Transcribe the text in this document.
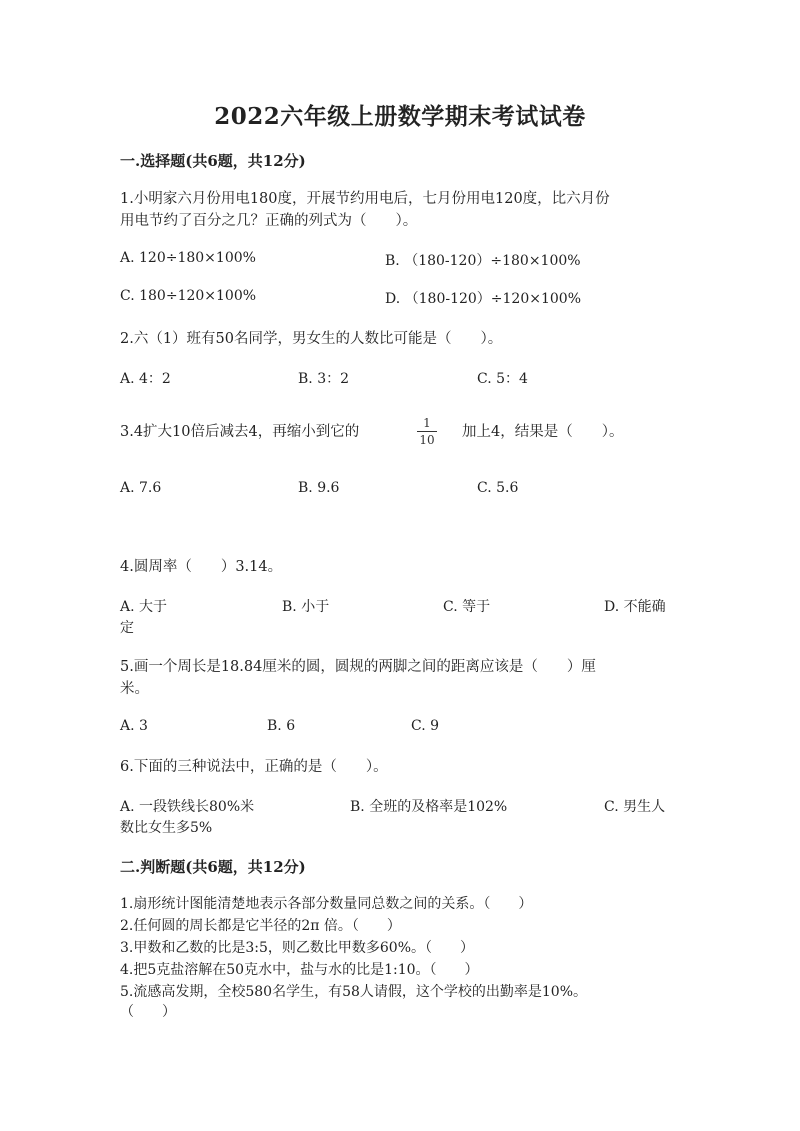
2022六年级上册数学期末考试试卷
一.选择题(共6题，共12分)
1.小明家六月份用电180度，开展节约用电后，七月份用电120度，比六月份
用电节约了百分之几？正确的列式为（　　）。
A. 120÷180×100%	B. （180-120）÷180×100%
C. 180÷120×100%	D. （180-120）÷120×100%
2.六（1）班有50名同学，男女生的人数比可能是（　　）。
A. 4：2	B. 3：2	C. 5：4
3.4扩大10倍后减去4，再缩小到它的
1
10 加上4，结果是（　　）。
A. 7.6	B. 9.6	C. 5.6
4.圆周率（　　）3.14。
A. 大于	B. 小于	C. 等于	D. 不能确
定
5.画一个周长是18.84厘米的圆，圆规的两脚之间的距离应该是（　　）厘
米。
A. 3	B. 6	C. 9
6.下面的三种说法中，正确的是（　　）。
A. 一段铁线长80%米	B. 全班的及格率是102%	C. 男生人
数比女生多5%
二.判断题(共6题，共12分)
1.扇形统计图能清楚地表示各部分数量同总数之间的关系。（　　）
2.任何圆的周长都是它半径的2π 倍。（　　）
3.甲数和乙数的比是3:5，则乙数比甲数多60%。（　　）
4.把5克盐溶解在50克水中，盐与水的比是1:10。（　　）
5.流感高发期，全校580名学生，有58人请假，这个学校的出勤率是10%。
（　　）
